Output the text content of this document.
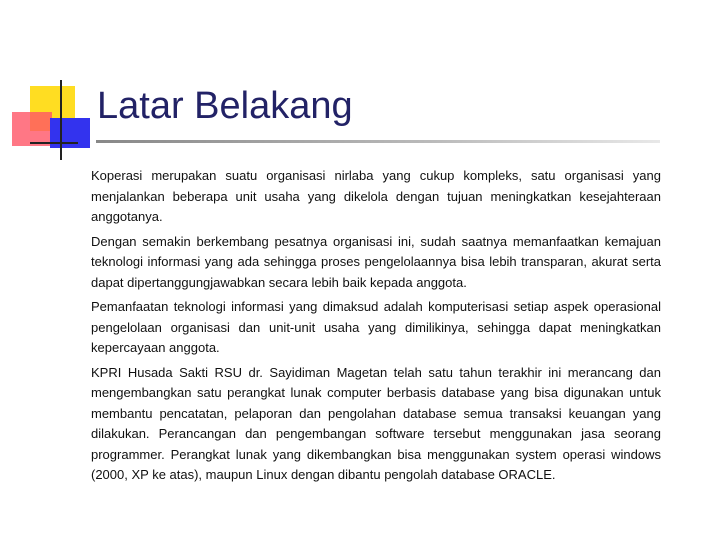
Latar Belakang

Koperasi merupakan suatu organisasi nirlaba yang cukup kompleks, satu organisasi yang menjalankan beberapa unit usaha yang dikelola dengan tujuan meningkatkan kesejahteraan anggotanya.

Dengan semakin berkembang pesatnya organisasi ini, sudah saatnya memanfaatkan kemajuan teknologi informasi yang ada sehingga proses pengelolaannya bisa lebih transparan, akurat serta dapat dipertanggungjawabkan secara lebih baik kepada anggota.

Pemanfaatan teknologi informasi yang dimaksud adalah komputerisasi setiap aspek operasional pengelolaan organisasi dan unit-unit usaha yang dimilikinya, sehingga dapat meningkatkan kepercayaan anggota.

KPRI Husada Sakti RSU dr. Sayidiman Magetan telah satu tahun terakhir ini merancang dan mengembangkan satu perangkat lunak computer berbasis database yang bisa digunakan untuk membantu pencatatan, pelaporan dan pengolahan database semua transaksi keuangan yang dilakukan. Perancangan dan pengembangan software tersebut menggunakan jasa seorang programmer. Perangkat lunak yang dikembangkan bisa menggunakan system operasi windows (2000, XP ke atas), maupun Linux dengan dibantu pengolah database ORACLE.
